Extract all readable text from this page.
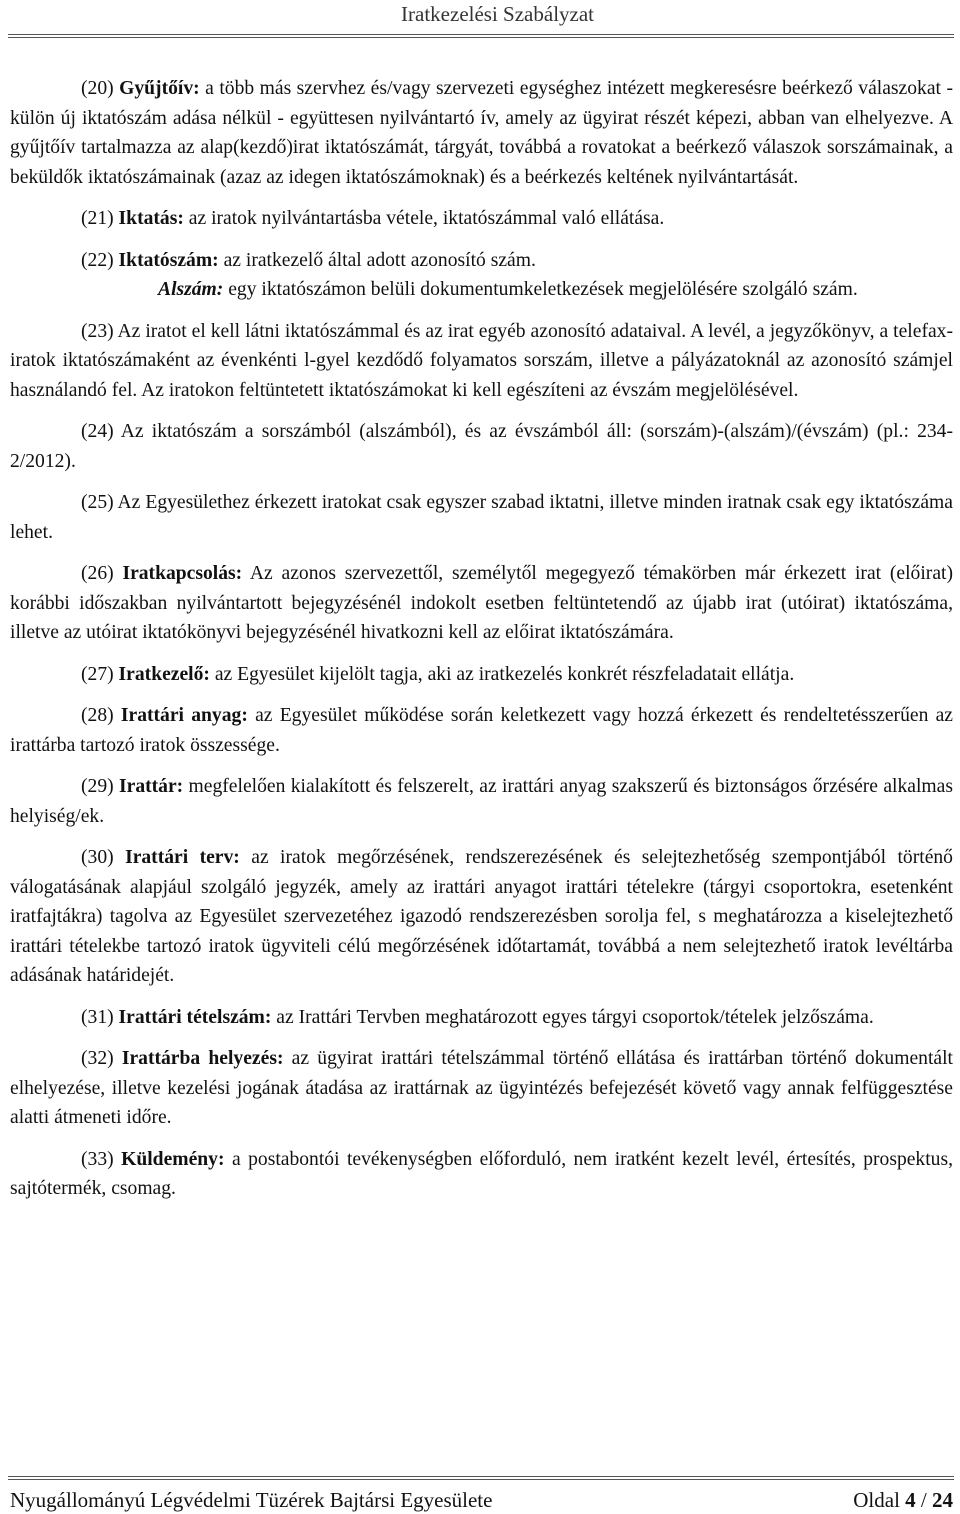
Iratkezelési Szabályzat

(20) Gyűjtőív: a több más szervhez és/vagy szervezeti egységhez intézett megkeresésre beérkező válaszokat - külön új iktatószám adása nélkül - együttesen nyilvántartó ív, amely az ügyirat részét képezi, abban van elhelyezve. A gyűjtőív tartalmazza az alap(kezdő)irat iktatószámát, tárgyát, továbbá a rovatokat a beérkező válaszok sorszámainak, a beküldők iktatószámainak (azaz az idegen iktatószámoknak) és a beérkezés keltének nyilvántartását.

(21) Iktatás: az iratok nyilvántartásba vétele, iktatószámmal való ellátása.

(22) Iktatószám: az iratkezelő által adott azonosító szám.

Alszám: egy iktatószámon belüli dokumentumkeletkezések megjelölésére szolgáló szám.

(23) Az iratot el kell látni iktatószámmal és az irat egyéb azonosító adataival. A levél, a jegyzőkönyv, a telefax-iratok iktatószámaként az évenkénti l-gyel kezdődő folyamatos sorszám, illetve a pályázatoknál az azonosító számjel használandó fel. Az iratokon feltüntetett iktatószámokat ki kell egészíteni az évszám megjelölésével.

(24) Az iktatószám a sorszámból (alszámból), és az évszámból áll: (sorszám)-(alszám)/(évszám) (pl.: 234-2/2012).

(25) Az Egyesülethez érkezett iratokat csak egyszer szabad iktatni, illetve minden iratnak csak egy iktatószáma lehet.

(26) Iratkapcsolás: Az azonos szervezettől, személytől megegyező témakörben már érkezett irat (előirat) korábbi időszakban nyilvántartott bejegyzésénél indokolt esetben feltüntetendő az újabb irat (utóirat) iktatószáma, illetve az utóirat iktatókönyvi bejegyzésénél hivatkozni kell az előirat iktatószámára.

(27) Iratkezelő: az Egyesület kijelölt tagja, aki az iratkezelés konkrét részfeladatait ellátja.

(28) Irattári anyag: az Egyesület működése során keletkezett vagy hozzá érkezett és rendeltetésszerűen az irattárba tartozó iratok összessége.

(29) Irattár: megfelelően kialakított és felszerelt, az irattári anyag szakszerű és biztonságos őrzésére alkalmas helyiség/ek.

(30) Irattári terv: az iratok megőrzésének, rendszerezésének és selejtezhetőség szempontjából történő válogatásának alapjául szolgáló jegyzék, amely az irattári anyagot irattári tételekre (tárgyi csoportokra, esetenként iratfajtákra) tagolva az Egyesület szervezetéhez igazodó rendszerezésben sorolja fel, s meghatározza a kiselejtezhető irattári tételekbe tartozó iratok ügyviteli célú megőrzésének időtartamát, továbbá a nem selejtezhető iratok levéltárba adásának határidejét.

(31) Irattári tételszám: az Irattári Tervben meghatározott egyes tárgyi csoportok/tételek jelzőszáma.

(32) Irattárba helyezés: az ügyirat irattári tételszámmal történő ellátása és irattárban történő dokumentált elhelyezése, illetve kezelési jogának átadása az irattárnak az ügyintézés befejezését követő vagy annak felfüggesztése alatti átmeneti időre.

(33) Küldemény: a postabontói tevékenységben előforduló, nem iratként kezelt levél, értesítés, prospektus, sajtótermék, csomag.

Nyugállományú Légvédelmi Tüzérek Bajtársi Egyesülete	Oldal 4 / 24
